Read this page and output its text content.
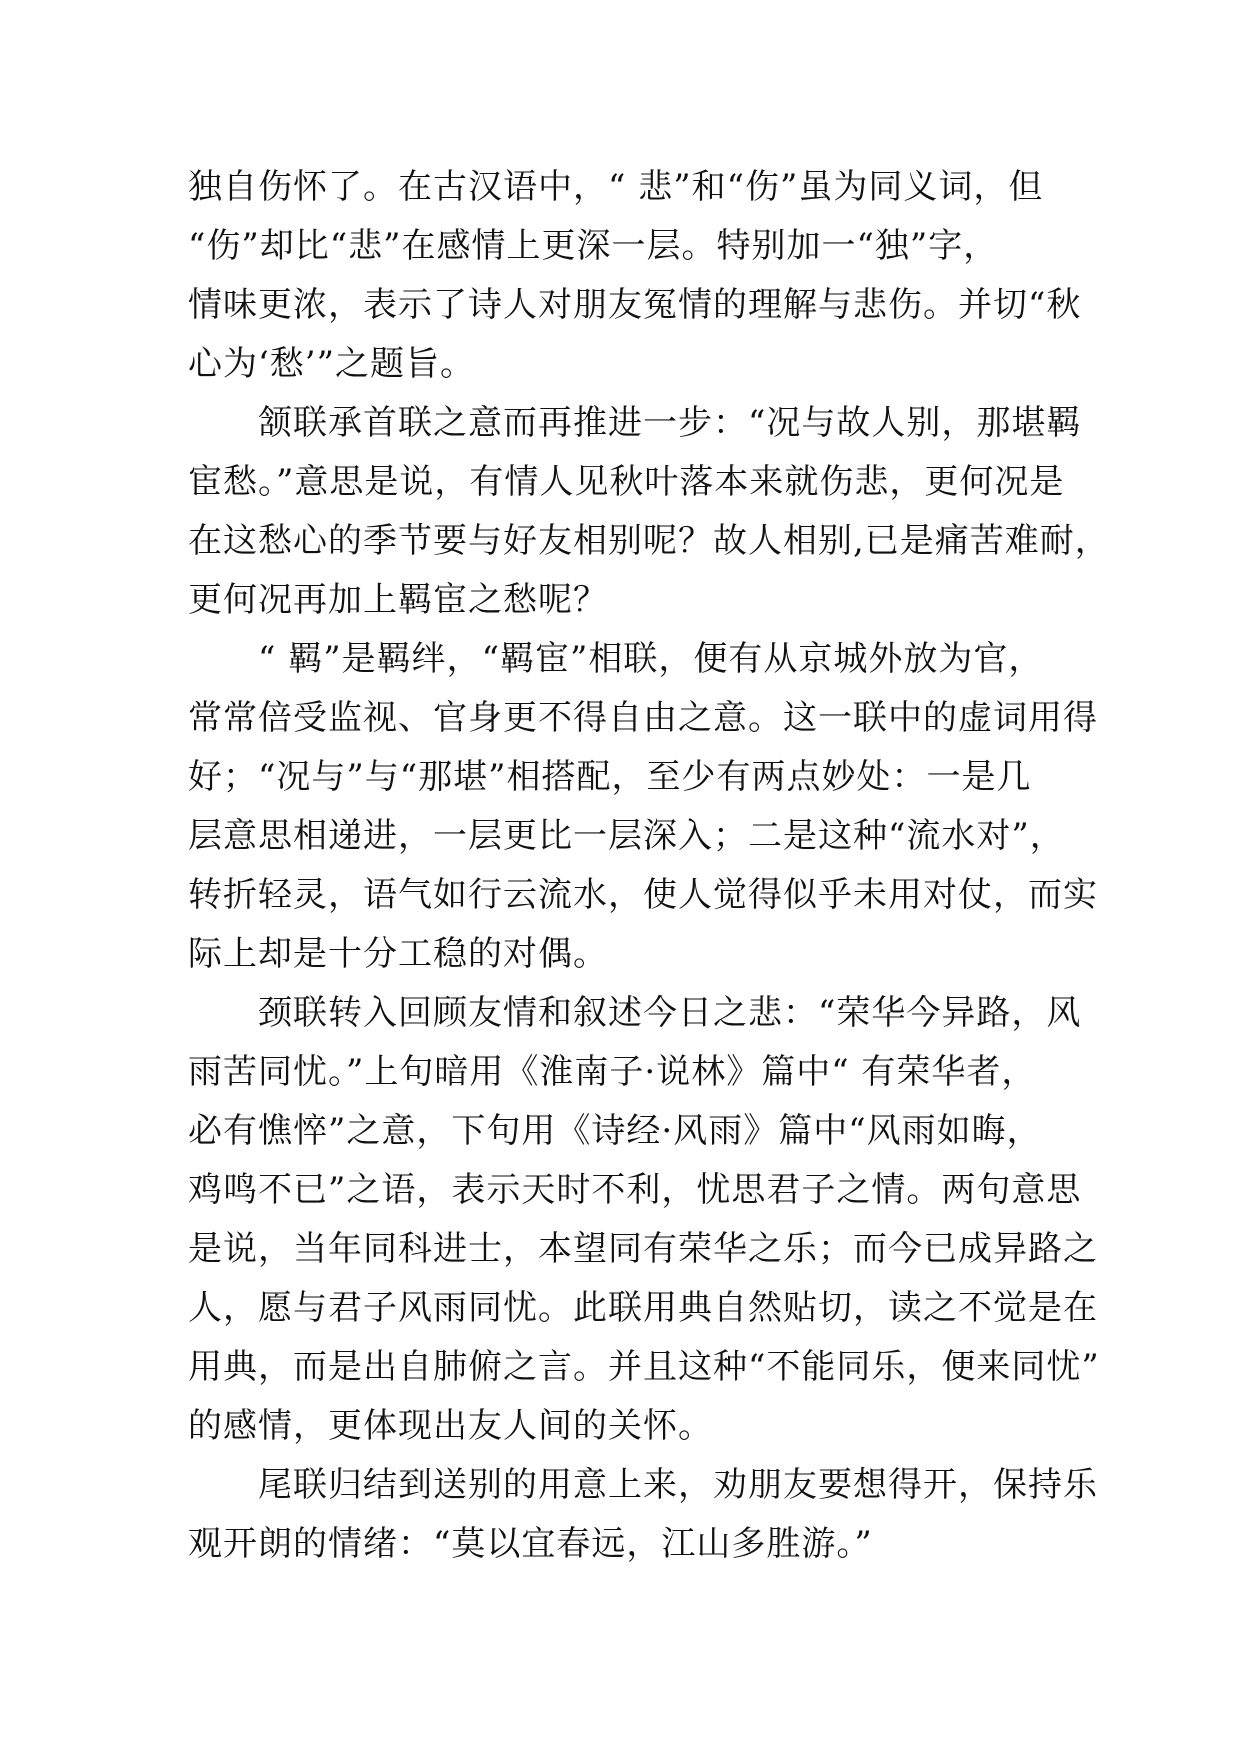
独自伤怀了。在古汉语中，“ 悲”和“伤”虽为同义词，但
“伤”却比“悲”在感情上更深一层。特别加一“独”字，
情味更浓，表示了诗人对朋友冤情的理解与悲伤。并切“秋
心为‘愁’”之题旨。
　　颔联承首联之意而再推进一步：“况与故人别，那堪羁
宦愁。”意思是说，有情人见秋叶落本来就伤悲，更何况是
在这愁心的季节要与好友相别呢？故人相别,已是痛苦难耐，
更何况再加上羁宦之愁呢？
　　“ 羁”是羁绊，“羁宦”相联，便有从京城外放为官，
常常倍受监视、官身更不得自由之意。这一联中的虚词用得
好；“况与”与“那堪”相搭配，至少有两点妙处：一是几
层意思相递进，一层更比一层深入；二是这种“流水对”，
转折轻灵，语气如行云流水，使人觉得似乎未用对仗，而实
际上却是十分工稳的对偶。
　　颈联转入回顾友情和叙述今日之悲：“荣华今异路，风
雨苦同忧。”上句暗用《淮南子·说林》篇中“ 有荣华者，
必有憔悴”之意，下句用《诗经·风雨》篇中“风雨如晦，
鸡鸣不已”之语，表示天时不利，忧思君子之情。两句意思
是说，当年同科进士，本望同有荣华之乐；而今已成异路之
人，愿与君子风雨同忧。此联用典自然贴切，读之不觉是在
用典，而是出自肺俯之言。并且这种“不能同乐，便来同忧”
的感情，更体现出友人间的关怀。
　　尾联归结到送别的用意上来，劝朋友要想得开，保持乐
观开朗的情绪：“莫以宜春远，江山多胜游。”
